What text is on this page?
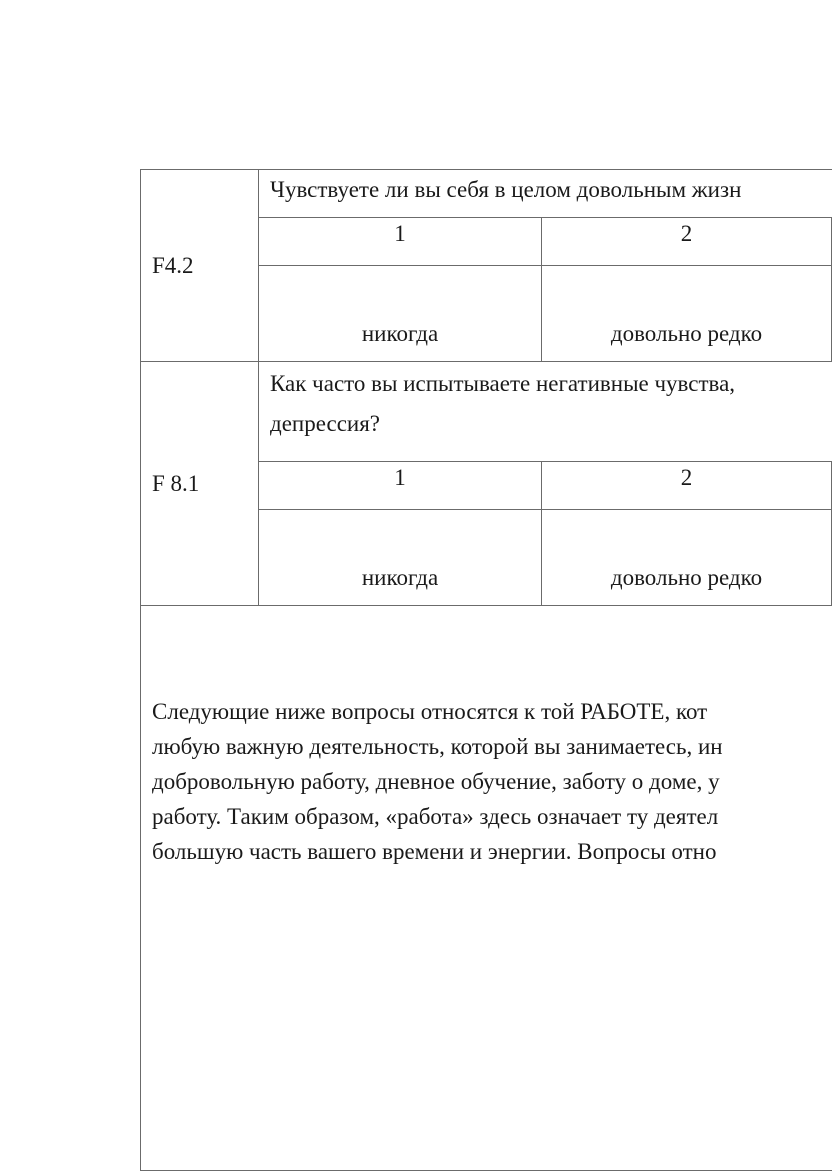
F4.2	Чувствуете ли вы себя в целом довольным жизн		
	1	2	

	никогда	довольно редко	

F 8.1	Как часто вы испытываете негативные чувства,
депрессия?		

	1	2	

	никогда	довольно редко	

Следующие ниже вопросы относятся к той РАБОТЕ, кот
любую важную деятельность, которой вы занимаетесь, ин
добровольную работу, дневное обучение, заботу о доме, у
работу. Таким образом, «работа» здесь означает ту деятел
большую часть вашего времени и энергии. Вопросы отно			
